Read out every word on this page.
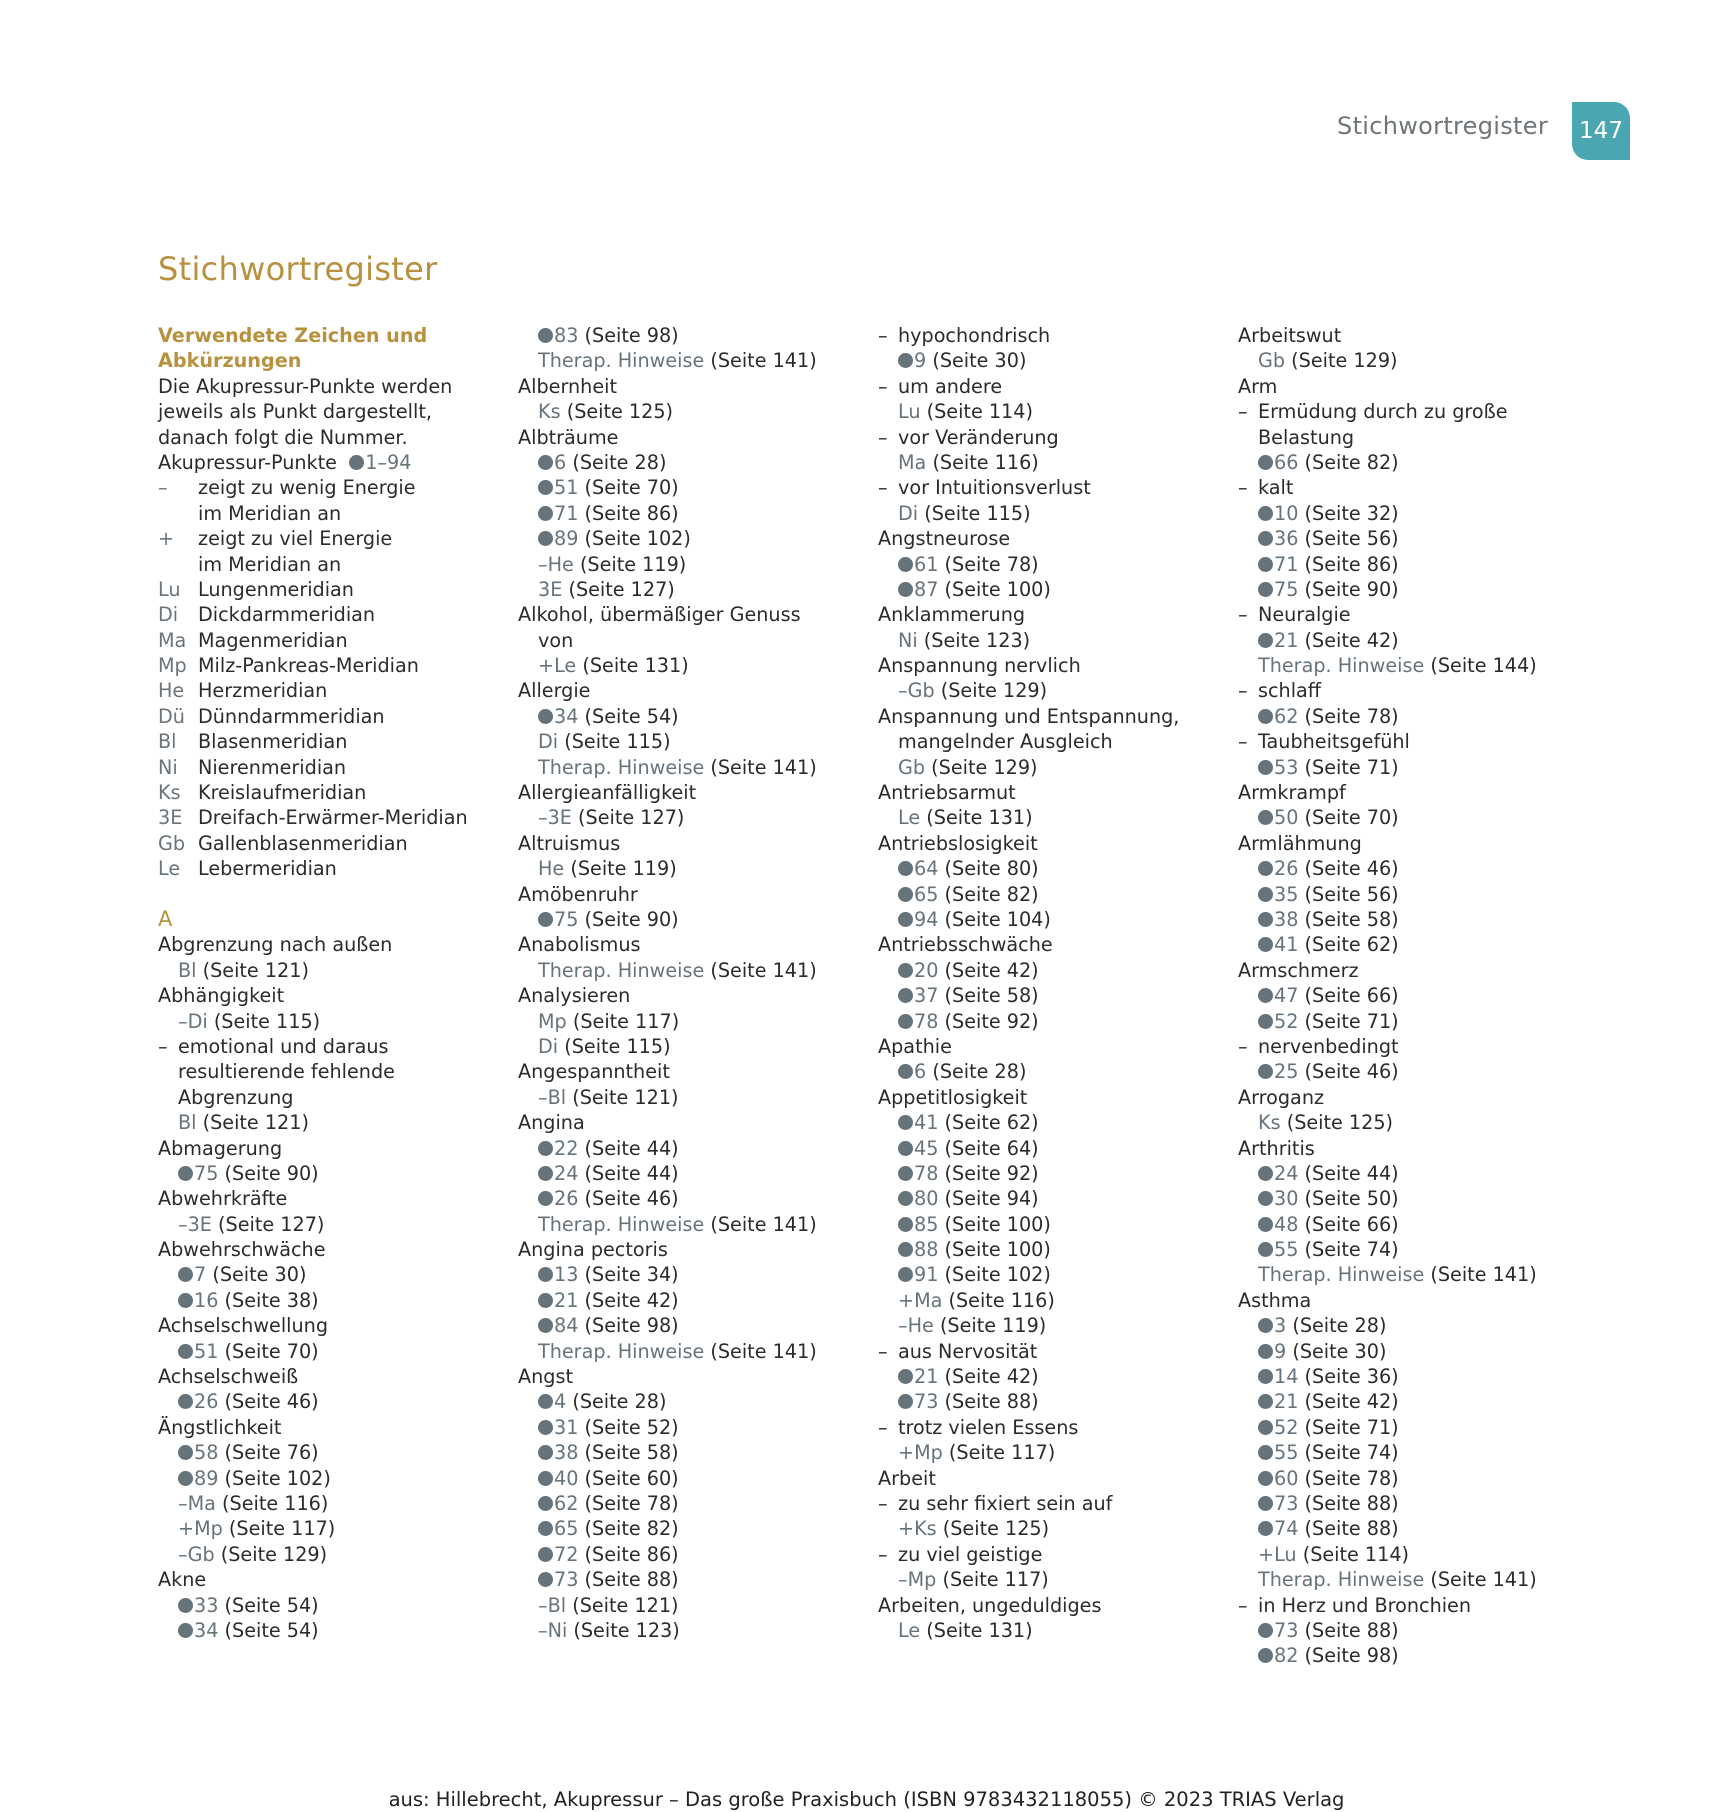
Stichwortregister	147
Stichwortregister
Verwendete Zeichen und
Abkürzungen
Die Akupressur-Punkte werden
jeweils als Punkt dargestellt,
danach folgt die Nummer.
Akupressur-Punkte 1–94
–	zeigt zu wenig Energie
im Meridian an
+	zeigt zu viel Energie
im Meridian an
Lu Lungenmeridian
Di	Dickdarmmeridian
Ma Magenmeridian
Mp Milz-Pankreas-Meridian
He Herzmeridian
Dü Dünndarmmeridian
Bl	Blasenmeridian
Ni	Nierenmeridian
Ks Kreislaufmeridian
3E Dreifach-Erwärmer-Meridian
Gb Gallenblasenmeridian
Le Lebermeridian
A
Abgrenzung nach außen
Bl (Seite 121)
Abhängigkeit
–Di (Seite 115)
– emotional und daraus
resultierende fehlende
Abgrenzung
Bl (Seite 121)
Abmagerung
75 (Seite 90)
Abwehrkräfte
–3E (Seite 127)
Abwehrschwäche
7 (Seite 30)
16 (Seite 38)
Achselschwellung
51 (Seite 70)
Achselschweiß
26 (Seite 46)
Ängstlichkeit
58 (Seite 76)
89 (Seite 102)
–Ma (Seite 116)
+Mp (Seite 117)
–Gb (Seite 129)
Akne
33 (Seite 54)
34 (Seite 54)
83 (Seite 98)
Therap. Hinweise (Seite 141)
Albernheit
Ks (Seite 125)
Albträume
6 (Seite 28)
51 (Seite 70)
71 (Seite 86)
89 (Seite 102)
–He (Seite 119)
3E (Seite 127)
Alkohol, übermäßiger Genuss
von
+Le (Seite 131)
Allergie
34 (Seite 54)
Di (Seite 115)
Therap. Hinweise (Seite 141)
Allergieanfälligkeit
–3E (Seite 127)
Altruismus
He (Seite 119)
Amöbenruhr
75 (Seite 90)
Anabolismus
Therap. Hinweise (Seite 141)
Analysieren
Mp (Seite 117)
Di (Seite 115)
Angespanntheit
–Bl (Seite 121)
Angina
22 (Seite 44)
24 (Seite 44)
26 (Seite 46)
Therap. Hinweise (Seite 141)
Angina pectoris
13 (Seite 34)
21 (Seite 42)
84 (Seite 98)
Therap. Hinweise (Seite 141)
Angst
4 (Seite 28)
31 (Seite 52)
38 (Seite 58)
40 (Seite 60)
62 (Seite 78)
65 (Seite 82)
72 (Seite 86)
73 (Seite 88)
–Bl (Seite 121)
–Ni (Seite 123)
– hypochondrisch
9 (Seite 30)
– um andere
Lu (Seite 114)
– vor Veränderung
Ma (Seite 116)
– vor Intuitionsverlust
Di (Seite 115)
Angstneurose
61 (Seite 78)
87 (Seite 100)
Anklammerung
Ni (Seite 123)
Anspannung nervlich
–Gb (Seite 129)
Anspannung und Entspannung,
mangelnder Ausgleich
Gb (Seite 129)
Antriebsarmut
Le (Seite 131)
Antriebslosigkeit
64 (Seite 80)
65 (Seite 82)
94 (Seite 104)
Antriebsschwäche
20 (Seite 42)
37 (Seite 58)
78 (Seite 92)
Apathie
6 (Seite 28)
Appetitlosigkeit
41 (Seite 62)
45 (Seite 64)
78 (Seite 92)
80 (Seite 94)
85 (Seite 100)
88 (Seite 100)
91 (Seite 102)
+Ma (Seite 116)
–He (Seite 119)
– aus Nervosität
21 (Seite 42)
73 (Seite 88)
– trotz vielen Essens
+Mp (Seite 117)
Arbeit
– zu sehr fixiert sein auf
+Ks (Seite 125)
– zu viel geistige
–Mp (Seite 117)
Arbeiten, ungeduldiges
Le (Seite 131)
Arbeitswut
Gb (Seite 129)
Arm
– Ermüdung durch zu große
Belastung
66 (Seite 82)
– kalt
10 (Seite 32)
36 (Seite 56)
71 (Seite 86)
75 (Seite 90)
– Neuralgie
21 (Seite 42)
Therap. Hinweise (Seite 144)
– schlaff
62 (Seite 78)
– Taubheitsgefühl
53 (Seite 71)
Armkrampf
50 (Seite 70)
Armlähmung
26 (Seite 46)
35 (Seite 56)
38 (Seite 58)
41 (Seite 62)
Armschmerz
47 (Seite 66)
52 (Seite 71)
– nervenbedingt
25 (Seite 46)
Arroganz
Ks (Seite 125)
Arthritis
24 (Seite 44)
30 (Seite 50)
48 (Seite 66)
55 (Seite 74)
Therap. Hinweise (Seite 141)
Asthma
3 (Seite 28)
9 (Seite 30)
14 (Seite 36)
21 (Seite 42)
52 (Seite 71)
55 (Seite 74)
60 (Seite 78)
73 (Seite 88)
74 (Seite 88)
+Lu (Seite 114)
Therap. Hinweise (Seite 141)
– in Herz und Bronchien
73 (Seite 88)
82 (Seite 98)
aus: Hillebrecht, Akupressur – Das große Praxisbuch (ISBN 9783432118055) © 2023 TRIAS Verlag
